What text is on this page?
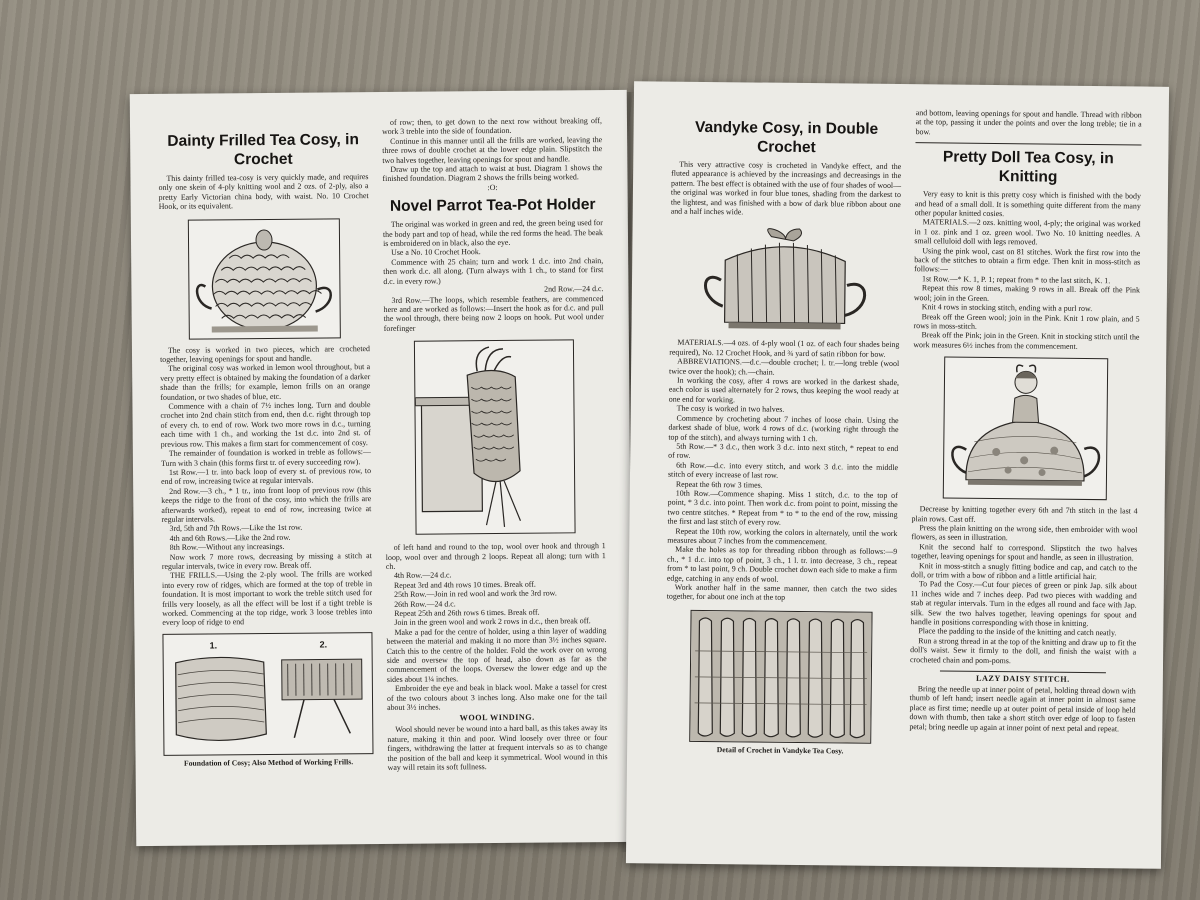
Dainty Frilled Tea Cosy, in Crochet

This dainty frilled tea-cosy is very quickly made, and requires only one skein of 4-ply knitting wool and 2 ozs. of 2-ply, also a pretty Early Victorian china body, with waist. No. 10 Crochet Hook, or its equivalent.

The cosy is worked in two pieces, which are crocheted together, leaving openings for spout and handle.

The original cosy was worked in lemon wool throughout, but a very pretty effect is obtained by making the foundation of a darker shade than the frills; for example, lemon frills on an orange foundation, or two shades of blue, etc.

Commence with a chain of 7½ inches long. Turn and double crochet into 2nd chain stitch from end, then d.c. right through top of every ch. to end of row. Work two more rows in d.c., turning each time with 1 ch., and working the 1st d.c. into 2nd st. of previous row. This makes a firm start for commencement of cosy.

The remainder of foundation is worked in treble as follows:—Turn with 3 chain (this forms first tr. of every succeeding row).

1st Row.—1 tr. into back loop of every st. of previous row, to end of row, increasing twice at regular intervals.

2nd Row.—3 ch., * 1 tr., into front loop of previous row (this keeps the ridge to the front of the cosy, into which the frills are afterwards worked), repeat to end of row, increasing twice at regular intervals.

3rd, 5th and 7th Rows.—Like the 1st row.

4th and 6th Rows.—Like the 2nd row.

8th Row.—Without any increasings.

Now work 7 more rows, decreasing by missing a stitch at regular intervals, twice in every row. Break off.

THE FRILLS.—Using the 2-ply wool. The frills are worked into every row of ridges, which are formed at the top of treble in foundation. It is most important to work the treble stitch used for frills very loosely, as all the effect will be lost if a tight treble is worked. Commencing at the top ridge, work 3 loose trebles into every loop of ridge to end

1.	2.

Foundation of Cosy; Also Method of Working Frills.

of row; then, to get down to the next row without breaking off, work 3 treble into the side of foundation.

Continue in this manner until all the frills are worked, leaving the three rows of double crochet at the lower edge plain. Slipstitch the two halves together, leaving openings for spout and handle.

Draw up the top and attach to waist at bust. Diagram 1 shows the finished foundation. Diagram 2 shows the frills being worked.

:O:

Novel Parrot Tea-Pot Holder

The original was worked in green and red, the green being used for the body part and top of head, while the red forms the head. The beak is embroidered on in black, also the eye.

Use a No. 10 Crochet Hook.

Commence with 25 chain; turn and work 1 d.c. into 2nd chain, then work d.c. all along. (Turn always with 1 ch., to stand for first d.c. in every row.)

2nd Row.—24 d.c.

3rd Row.—The loops, which resemble feathers, are commenced here and are worked as follows:—Insert the hook as for d.c. and pull the wool through, there being now 2 loops on hook. Put wool under forefinger

of left hand and round to the top, wool over hook and through 1 loop, wool over and through 2 loops. Repeat all along; turn with 1 ch.

4th Row.—24 d.c.

Repeat 3rd and 4th rows 10 times. Break off.

25th Row.—Join in red wool and work the 3rd row.

26th Row.—24 d.c.

Repeat 25th and 26th rows 6 times. Break off.

Join in the green wool and work 2 rows in d.c., then break off.

Make a pad for the centre of holder, using a thin layer of wadding between the material and making it no more than 3½ inches square. Catch this to the centre of the holder. Fold the work over on wrong side and oversew the top of head, also down as far as the commencement of the loops. Oversew the lower edge and up the sides about 1¼ inches.

Embroider the eye and beak in black wool. Make a tassel for crest of the two colours about 3 inches long. Also make one for the tail about 3½ inches.

WOOL WINDING.

Wool should never be wound into a hard ball, as this takes away its nature, making it thin and poor. Wind loosely over three or four fingers, withdrawing the latter at frequent intervals so as to change the position of the ball and keep it symmetrical. Wool wound in this way will retain its soft fullness.

Vandyke Cosy, in Double Crochet

This very attractive cosy is crocheted in Vandyke effect, and the fluted appearance is achieved by the increasings and decreasings in the pattern. The best effect is obtained with the use of four shades of wool—the original was worked in four blue tones, shading from the darkest to the lightest, and was finished with a bow of dark blue ribbon about one and a half inches wide.

MATERIALS.—4 ozs. of 4-ply wool (1 oz. of each four shades being required), No. 12 Crochet Hook, and ¾ yard of satin ribbon for bow.

ABBREVIATIONS.—d.c.—double crochet; l. tr.—long treble (wool twice over the hook); ch.—chain.

In working the cosy, after 4 rows are worked in the darkest shade, each color is used alternately for 2 rows, thus keeping the wool ready at one end for working.

The cosy is worked in two halves.

Commence by crocheting about 7 inches of loose chain. Using the darkest shade of blue, work 4 rows of d.c. (working right through the top of the stitch), and always turning with 1 ch.

5th Row.—* 3 d.c., then work 3 d.c. into next stitch, * repeat to end of row.

6th Row.—d.c. into every stitch, and work 3 d.c. into the middle stitch of every increase of last row.

Repeat the 6th row 3 times.

10th Row.—Commence shaping. Miss 1 stitch, d.c. to the top of point, * 3 d.c. into point. Then work d.c. from point to point, missing the two centre stitches. * Repeat from * to * to the end of the row, missing the first and last stitch of every row.

Repeat the 10th row, working the colors in alternately, until the work measures about 7 inches from the commencement.

Make the holes as top for threading ribbon through as follows:—9 ch., * 1 d.c. into top of point, 3 ch., 1 l. tr. into decrease, 3 ch., repeat from * to last point, 9 ch. Double crochet down each side to make a firm edge, catching in any ends of wool.

Work another half in the same manner, then catch the two sides together, for about one inch at the top

Detail of Crochet in Vandyke Tea Cosy.

and bottom, leaving openings for spout and handle. Thread with ribbon at the top, passing it under the points and over the long treble; tie in a bow.

Pretty Doll Tea Cosy, in Knitting

Very easy to knit is this pretty cosy which is finished with the body and head of a small doll. It is something quite different from the many other popular knitted cosies.

MATERIALS.—2 ozs. knitting wool, 4-ply; the original was worked in 1 oz. pink and 1 oz. green wool. Two No. 10 knitting needles. A small celluloid doll with legs removed.

Using the pink wool, cast on 81 stitches. Work the first row into the back of the stitches to obtain a firm edge. Then knit in moss-stitch as follows:—

1st Row.—* K. 1, P. 1; repeat from * to the last stitch, K. 1.

Repeat this row 8 times, making 9 rows in all. Break off the Pink wool; join in the Green.

Knit 4 rows in stocking stitch, ending with a purl row.

Break off the Green wool; join in the Pink. Knit 1 row plain, and 5 rows in moss-stitch.

Break off the Pink; join in the Green. Knit in stocking stitch until the work measures 6½ inches from the commencement.

Decrease by knitting together every 6th and 7th stitch in the last 4 plain rows. Cast off.

Press the plain knitting on the wrong side, then embroider with wool flowers, as seen in illustration.

Knit the second half to correspond. Slipstitch the two halves together, leaving openings for spout and handle, as seen in illustration.

Knit in moss-stitch a snugly fitting bodice and cap, and catch to the doll, or trim with a bow of ribbon and a little artificial hair.

To Pad the Cosy.—Cut four pieces of green or pink Jap. silk about 11 inches wide and 7 inches deep. Pad two pieces with wadding and stab at regular intervals. Turn in the edges all round and face with Jap. silk. Sew the two halves together, leaving openings for spout and handle in positions corresponding with those in knitting.

Place the padding to the inside of the knitting and catch neatly.

Run a strong thread in at the top of the knitting and draw up to fit the doll's waist. Sew it firmly to the doll, and finish the waist with a crocheted chain and pom-poms.

LAZY DAISY STITCH.

Bring the needle up at inner point of petal, holding thread down with thumb of left hand; insert needle again at inner point in almost same place as first time; needle up at outer point of petal inside of loop held down with thumb, then take a short stitch over edge of loop to fasten petal; bring needle up again at inner point of next petal and repeat.
